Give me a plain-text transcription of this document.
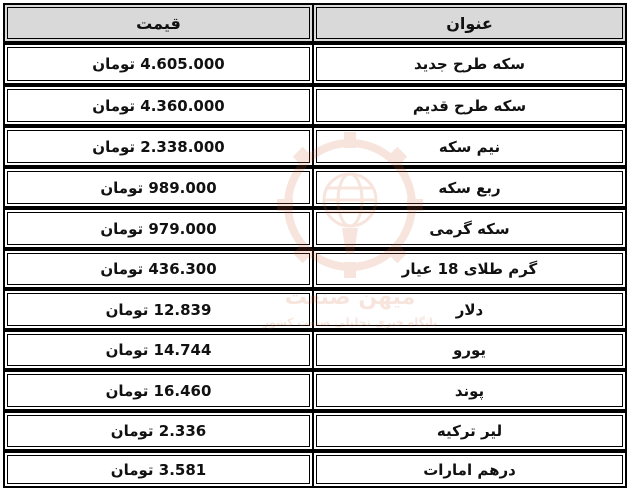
عنوان
قیمت
سکه طرح جدید
4.605.000 تومان
سکه طرح قدیم
4.360.000 تومان
نیم سکه
2.338.000 تومان
ربع سکه
989.000 تومان
سکه گرمی
979.000 تومان
گرم طلای 18 عیار
436.300 تومان
دلار
12.839 تومان
یورو
14.744 تومان
پوند
16.460 تومان
لیر ترکیه
2.336 تومان
درهم امارات
3.581 تومان
میهن صنعت
پایگاه خبری تحلیلی صنعت کشور
